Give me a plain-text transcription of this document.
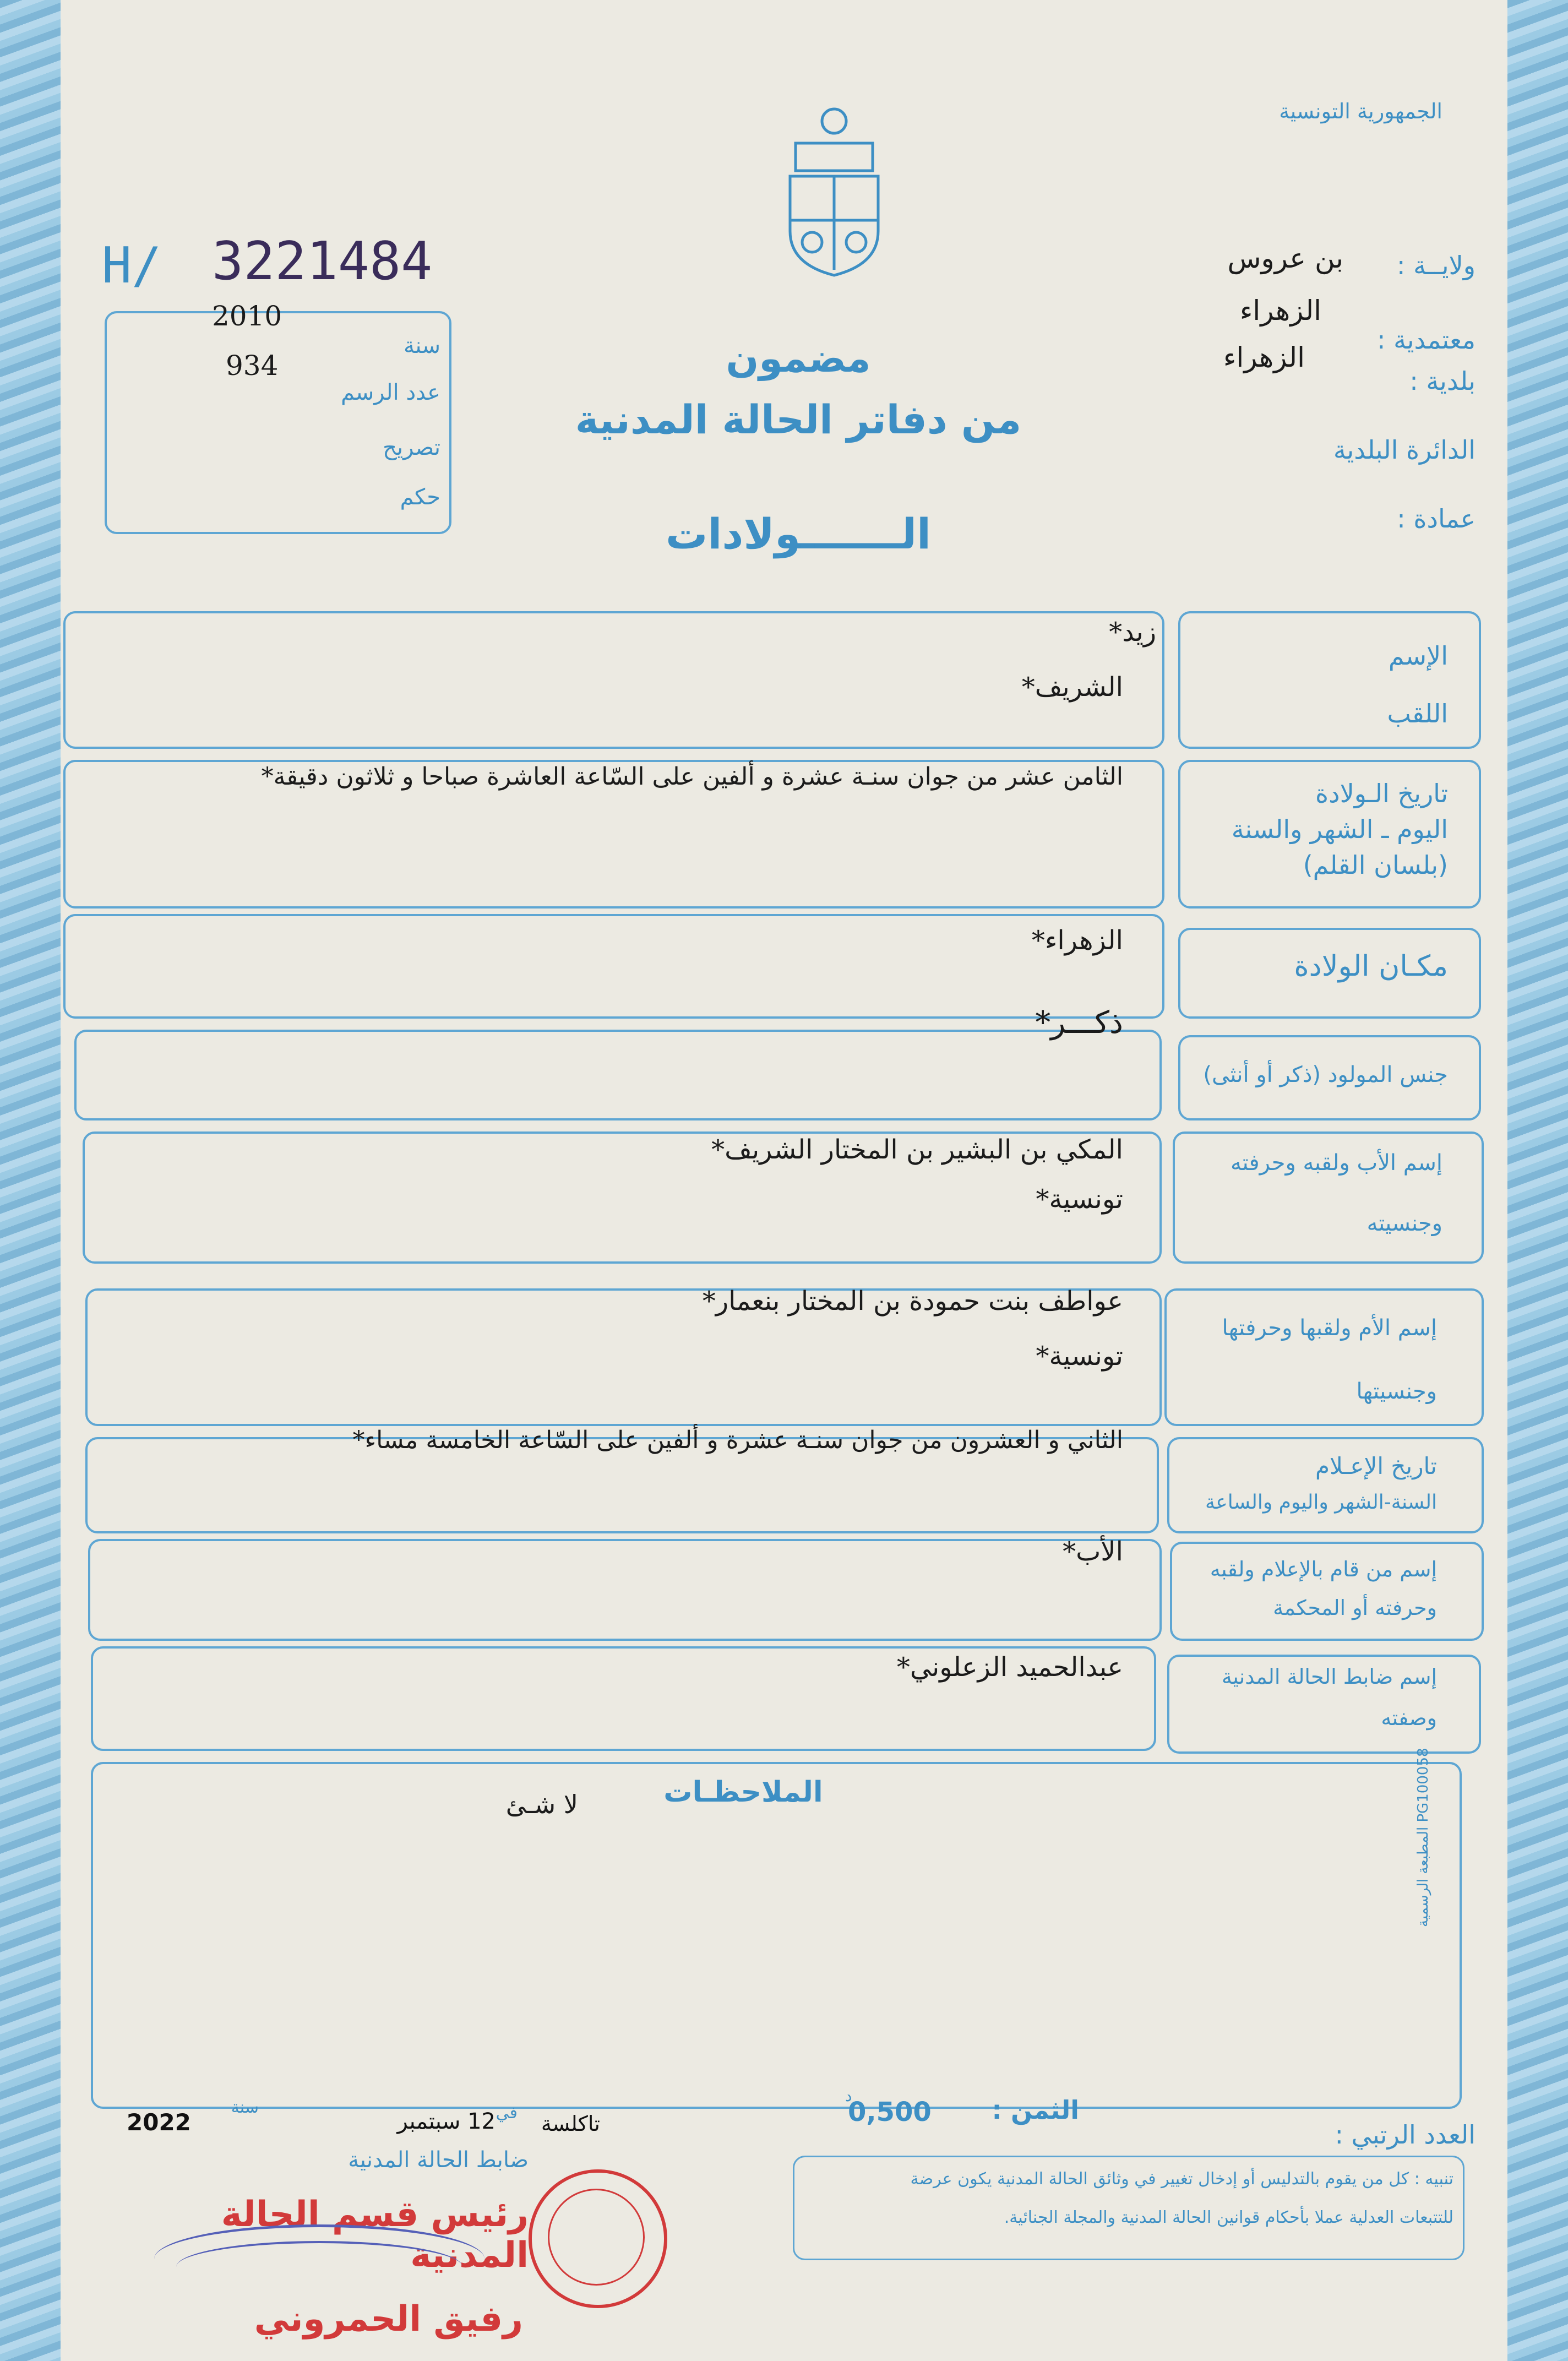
الجمهورية التونسية
ولايــة :
بن عروس
معتمدية :
الزهراء
بلدية :
الزهراء
الدائرة البلدية
عمادة :
H/ 3221484
2010
سنة
934
عدد الرسم
تصريح
حكم
مضمون
من دفاتر الحالة المدنية
الـــــــولادات
الإسم
اللقب
زيد*
الشريف*
تاريخ الـولادة
اليوم ـ الشهر والسنة
(بلسان القلم)
الثامن عشر من جوان سنـة عشرة و ألفين على السّاعة العاشرة صباحا و ثلاثون دقيقة*
مكـان الولادة
الزهراء*
جنس المولود (ذكر أو أنثى)
ذكـــر*
إسم الأب ولقبه وحرفته
وجنسيته
المكي بن البشير بن المختار الشريف*
تونسية*
إسم الأم ولقبها وحرفتها
وجنسيتها
عواطف بنت حمودة بن المختار بنعمار*
تونسية*
تاريخ الإعـلام
السنة-الشهر واليوم والساعة
الثاني و العشرون من جوان سنـة عشرة و ألفين على السّاعة الخامسة مساء*
إسم من قام بالإعلام ولقبه
وحرفته أو المحكمة
الأب*
إسم ضابط الحالة المدنية
وصفته
عبدالحميد الزعلوني*
الملاحظـات
لا شـئ
المطبعة الرسمية PG100058
العدد الرتبي :
الثمن :
0,500
د
تاكلسة
في
12 سبتمبر
سنة
2022
ضابط الحالة المدنية
تنبيه : كل من يقوم بالتدليس أو إدخال تغيير في وثائق الحالة المدنية يكون عرضة
للتتبعات العدلية عملا بأحكام قوانين الحالة المدنية والمجلة الجنائية.
رئيس قسم الحالة المدنية
رفيق الحمروني
